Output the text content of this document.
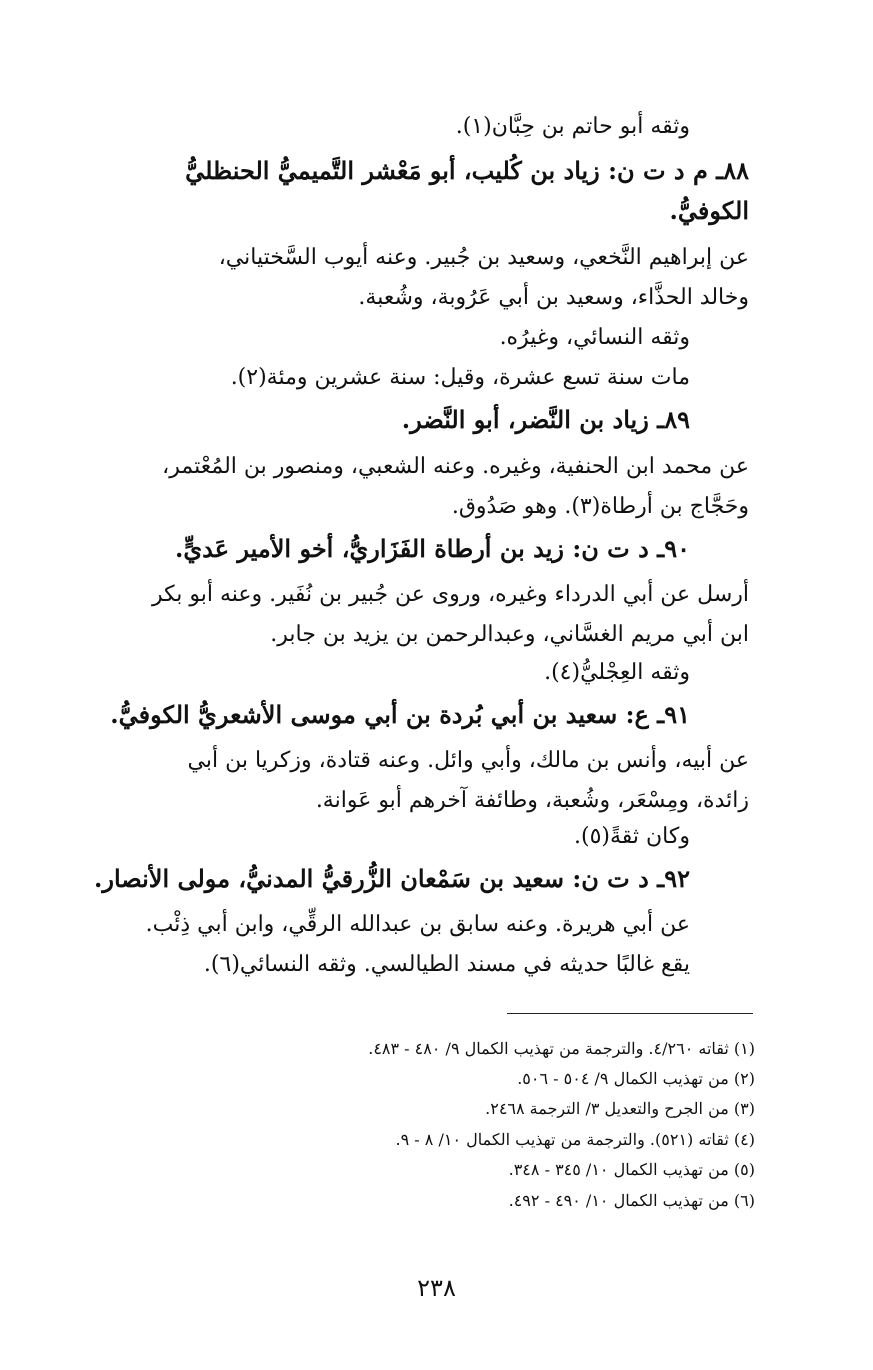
وثقه أبو حاتم بن حِبَّان(١).
٨٨ـ م د ت ن: زياد بن كُليب، أبو مَعْشر التَّميميُّ الحنظليُّ
الكوفيُّ.
عن إبراهيم النَّخعي، وسعيد بن جُبير. وعنه أيوب السَّختياني،
وخالد الحذَّاء، وسعيد بن أبي عَرُوبة، وشُعبة.
وثقه النسائي، وغيرُه.
مات سنة تسع عشرة، وقيل: سنة عشرين ومئة(٢).
٨٩ـ زياد بن النَّضر، أبو النَّضر.
عن محمد ابن الحنفية، وغيره. وعنه الشعبي، ومنصور بن المُعْتمر،
وحَجَّاج بن أرطاة(٣). وهو صَدُوق.
٩٠ـ د ت ن: زيد بن أرطاة الفَزَاريُّ، أخو الأمير عَديٍّ.
أرسل عن أبي الدرداء وغيره، وروى عن جُبير بن نُفَير. وعنه أبو بكر
ابن أبي مريم الغسَّاني، وعبدالرحمن بن يزيد بن جابر.
وثقه العِجْليُّ(٤).
٩١ـ ع: سعيد بن أبي بُردة بن أبي موسى الأشعريُّ الكوفيُّ.
عن أبيه، وأنس بن مالك، وأبي وائل. وعنه قتادة، وزكريا بن أبي
زائدة، ومِسْعَر، وشُعبة، وطائفة آخرهم أبو عَوانة.
وكان ثقةً(٥).
٩٢ـ د ت ن: سعيد بن سَمْعان الزُّرقيُّ المدنيُّ، مولى الأنصار.
عن أبي هريرة. وعنه سابق بن عبدالله الرقِّي، وابن أبي ذِئْب.
يقع غالبًا حديثه في مسند الطيالسي. وثقه النسائي(٦).
(١) ثقاته ٤/٢٦٠. والترجمة من تهذيب الكمال ٩/ ٤٨٠ - ٤٨٣.
(٢) من تهذيب الكمال ٩/ ٥٠٤ - ٥٠٦.
(٣) من الجرح والتعديل ٣/ الترجمة ٢٤٦٨.
(٤) ثقاته (٥٢١). والترجمة من تهذيب الكمال ١٠/ ٨ - ٩.
(٥) من تهذيب الكمال ١٠/ ٣٤٥ - ٣٤٨.
(٦) من تهذيب الكمال ١٠/ ٤٩٠ - ٤٩٢.
٢٣٨
